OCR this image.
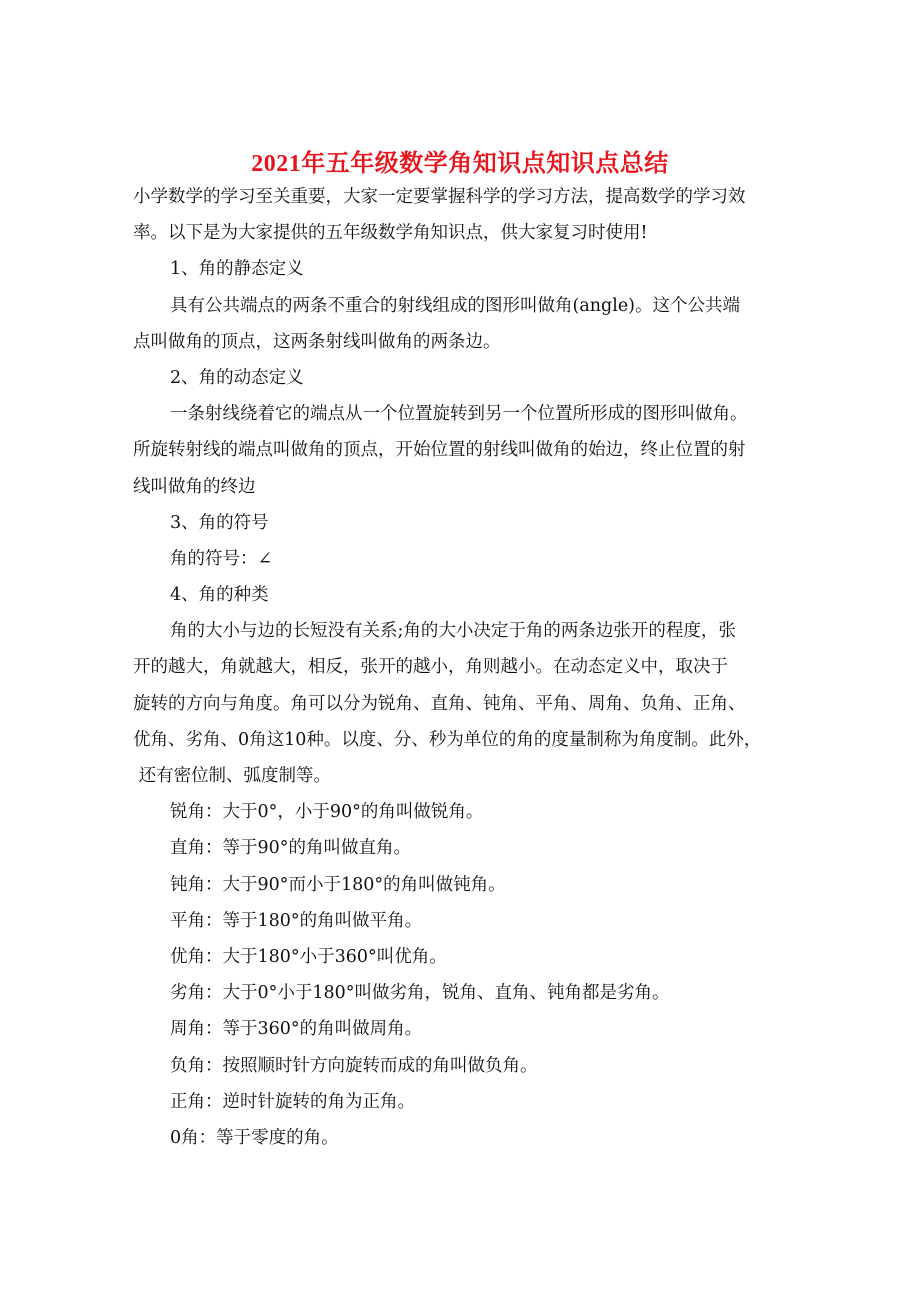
2021年五年级数学角知识点知识点总结
小学数学的学习至关重要，大家一定要掌握科学的学习方法，提高数学的学习效
率。以下是为大家提供的五年级数学角知识点，供大家复习时使用!
1、角的静态定义
具有公共端点的两条不重合的射线组成的图形叫做角(angle)。这个公共端
点叫做角的顶点，这两条射线叫做角的两条边。
2、角的动态定义
一条射线绕着它的端点从一个位置旋转到另一个位置所形成的图形叫做角。
所旋转射线的端点叫做角的顶点，开始位置的射线叫做角的始边，终止位置的射
线叫做角的终边
3、角的符号
角的符号：∠
4、角的种类
角的大小与边的长短没有关系;角的大小决定于角的两条边张开的程度，张
开的越大，角就越大，相反，张开的越小，角则越小。在动态定义中，取决于
旋转的方向与角度。角可以分为锐角、直角、钝角、平角、周角、负角、正角、
优角、劣角、0角这10种。以度、分、秒为单位的角的度量制称为角度制。此外，
还有密位制、弧度制等。
锐角：大于0°，小于90°的角叫做锐角。
直角：等于90°的角叫做直角。
钝角：大于90°而小于180°的角叫做钝角。
平角：等于180°的角叫做平角。
优角：大于180°小于360°叫优角。
劣角：大于0°小于180°叫做劣角，锐角、直角、钝角都是劣角。
周角：等于360°的角叫做周角。
负角：按照顺时针方向旋转而成的角叫做负角。
正角：逆时针旋转的角为正角。
0角：等于零度的角。
